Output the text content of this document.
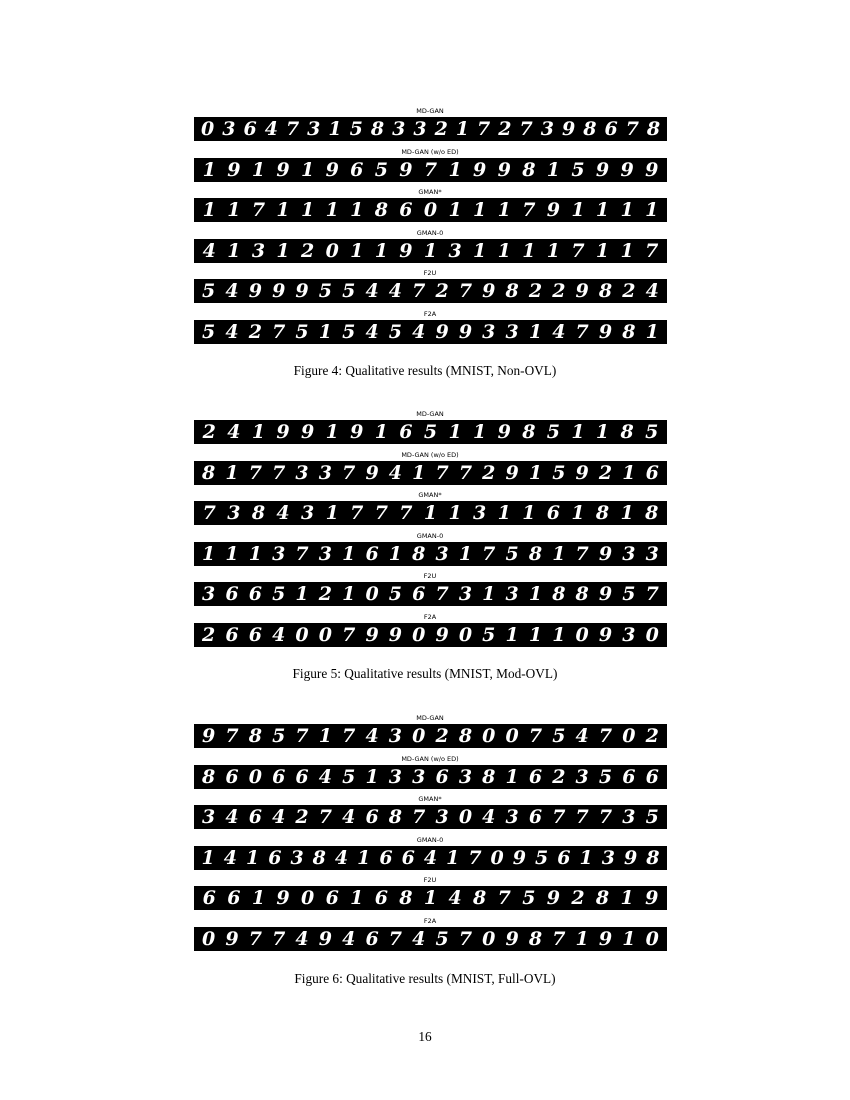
MD-GAN
0 3 6 4 7 3 1 5 8 3 3 2 1 7 2 7 3 9 8 6 7 8
MD-GAN (w/o ED)
1 9 1 9 1 9 6 5 9 7 1 9 9 8 1 5 9 9 9
GMAN*
1 1 7 1 1 1 1 8 6 0 1 1 1 7 9 1 1 1 1
GMAN-0
4 1 3 1 2 0 1 1 9 1 3 1 1 1 1 7 1 1 7
F2U
5 4 9 9 9 5 5 4 4 7 2 7 9 8 2 2 9 8 2 4
F2A
5 4 2 7 5 1 5 4 5 4 9 9 3 3 1 4 7 9 8 1
Figure 4: Qualitative results (MNIST, Non-OVL)
MD-GAN
2 4 1 9 9 1 9 1 6 5 1 1 9 8 5 1 1 8 5
MD-GAN (w/o ED)
8 1 7 7 3 3 7 9 4 1 7 7 2 9 1 5 9 2 1 6
GMAN*
7 3 8 4 3 1 7 7 7 1 1 3 1 1 6 1 8 1 8
GMAN-0
1 1 1 3 7 3 1 6 1 8 3 1 7 5 8 1 7 9 3 3
F2U
3 6 6 5 1 2 1 0 5 6 7 3 1 3 1 8 8 9 5 7
F2A
2 6 6 4 0 0 7 9 9 0 9 0 5 1 1 1 0 9 3 0
Figure 5: Qualitative results (MNIST, Mod-OVL)
MD-GAN
9 7 8 5 7 1 7 4 3 0 2 8 0 0 7 5 4 7 0 2
MD-GAN (w/o ED)
8 6 0 6 6 4 5 1 3 3 6 3 8 1 6 2 3 5 6 6
GMAN*
3 4 6 4 2 7 4 6 8 7 3 0 4 3 6 7 7 7 3 5
GMAN-0
1 4 1 6 3 8 4 1 6 6 4 1 7 0 9 5 6 1 3 9 8
F2U
6 6 1 9 0 6 1 6 8 1 4 8 7 5 9 2 8 1 9
F2A
0 9 7 7 4 9 4 6 7 4 5 7 0 9 8 7 1 9 1 0
Figure 6: Qualitative results (MNIST, Full-OVL)
16
